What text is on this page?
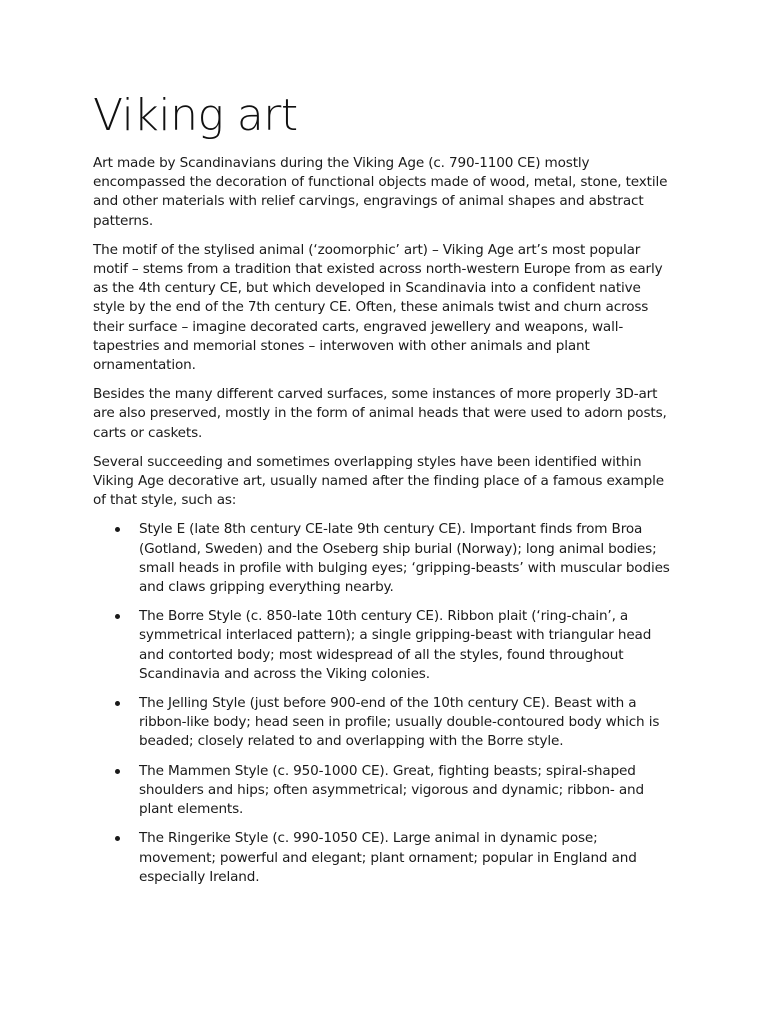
Viking art

Art made by Scandinavians during the Viking Age (c. 790-1100 CE) mostly encompassed the decoration of functional objects made of wood, metal, stone, textile and other materials with relief carvings, engravings of animal shapes and abstract patterns.

The motif of the stylised animal (‘zoomorphic’ art) – Viking Age art’s most popular motif – stems from a tradition that existed across north-western Europe from as early as the 4th century CE, but which developed in Scandinavia into a confident native style by the end of the 7th century CE. Often, these animals twist and churn across their surface – imagine decorated carts, engraved jewellery and weapons, wall-tapestries and memorial stones – interwoven with other animals and plant ornamentation.

Besides the many different carved surfaces, some instances of more properly 3D-art are also preserved, mostly in the form of animal heads that were used to adorn posts, carts or caskets.

Several succeeding and sometimes overlapping styles have been identified within Viking Age decorative art, usually named after the finding place of a famous example of that style, such as:

Style E (late 8th century CE-late 9th century CE). Important finds from Broa (Gotland, Sweden) and the Oseberg ship burial (Norway); long animal bodies; small heads in profile with bulging eyes; ‘gripping-beasts’ with muscular bodies and claws gripping everything nearby.
The Borre Style (c. 850-late 10th century CE). Ribbon plait (‘ring-chain’, a symmetrical interlaced pattern); a single gripping-beast with triangular head and contorted body; most widespread of all the styles, found throughout Scandinavia and across the Viking colonies.
The Jelling Style (just before 900-end of the 10th century CE). Beast with a ribbon-like body; head seen in profile; usually double-contoured body which is beaded; closely related to and overlapping with the Borre style.
The Mammen Style (c. 950-1000 CE). Great, fighting beasts; spiral-shaped shoulders and hips; often asymmetrical; vigorous and dynamic; ribbon- and plant elements.
The Ringerike Style (c. 990-1050 CE). Large animal in dynamic pose; movement; powerful and elegant; plant ornament; popular in England and especially Ireland.
